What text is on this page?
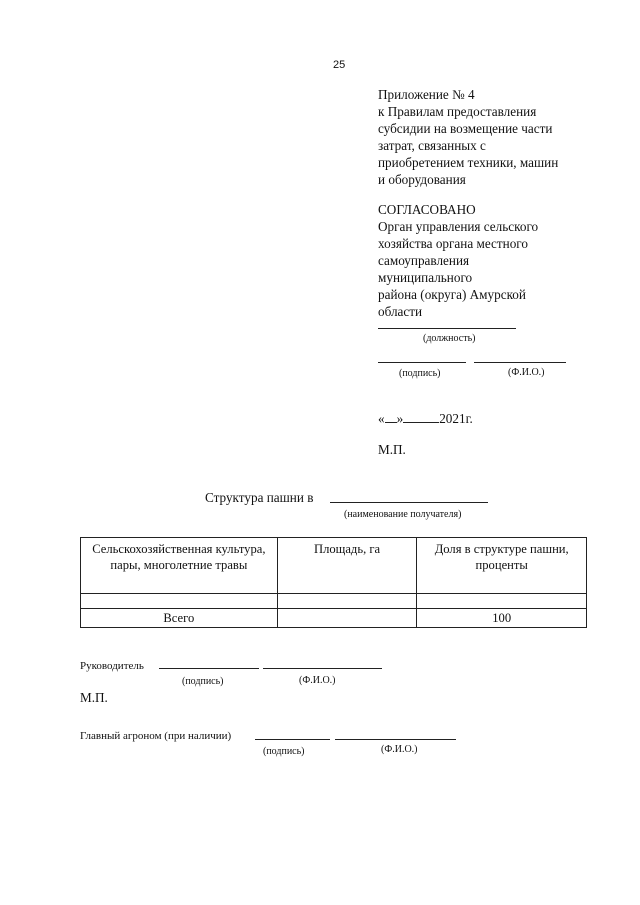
25
Приложение № 4
к Правилам предоставления
субсидии на возмещение части
затрат, связанных с
приобретением техники, машин
и оборудования
СОГЛАСОВАНО
Орган управления сельского
хозяйства органа местного
самоуправления
муниципального
района (округа) Амурской
области
(должность)
(подпись)	(Ф.И.О.)
« »	2021г.
М.П.
Структура пашни в
(наименование получателя)
Сельскохозяйственная культура, пары, многолетние травы	Площадь, га	Доля в структуре пашни, проценты

Всего		100
Руководитель
(подпись)	(Ф.И.О.)
М.П.
Главный агроном (при наличии)
(подпись)	(Ф.И.О.)
